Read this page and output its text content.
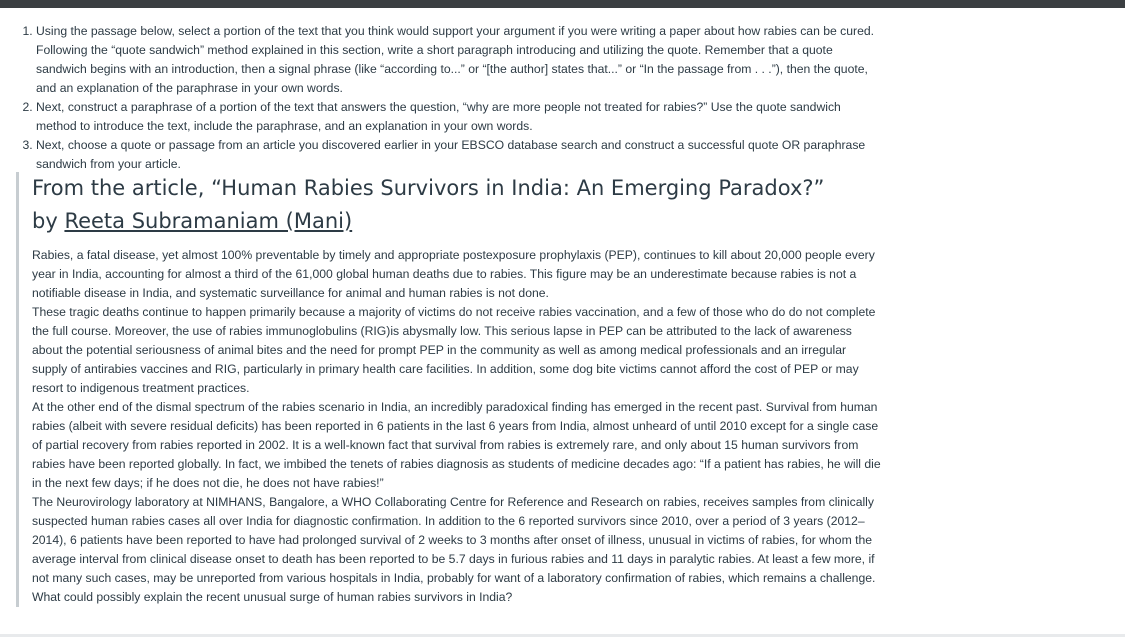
1. Using the passage below, select a portion of the text that you think would support your argument if you were writing a paper about how rabies can be cured. Following the “quote sandwich” method explained in this section, write a short paragraph introducing and utilizing the quote. Remember that a quote sandwich begins with an introduction, then a signal phrase (like “according to...” or “[the author] states that...” or “In the passage from . . .”), then the quote, and an explanation of the paraphrase in your own words.
2. Next, construct a paraphrase of a portion of the text that answers the question, “why are more people not treated for rabies?” Use the quote sandwich method to introduce the text, include the paraphrase, and an explanation in your own words.
3. Next, choose a quote or passage from an article you discovered earlier in your EBSCO database search and construct a successful quote OR paraphrase sandwich from your article.
From the article, “Human Rabies Survivors in India: An Emerging Paradox?” by Reeta Subramaniam (Mani)

Rabies, a fatal disease, yet almost 100% preventable by timely and appropriate postexposure prophylaxis (PEP), continues to kill about 20,000 people every year in India, accounting for almost a third of the 61,000 global human deaths due to rabies. This figure may be an underestimate because rabies is not a notifiable disease in India, and systematic surveillance for animal and human rabies is not done.

These tragic deaths continue to happen primarily because a majority of victims do not receive rabies vaccination, and a few of those who do do not complete the full course. Moreover, the use of rabies immunoglobulins (RIG)is abysmally low. This serious lapse in PEP can be attributed to the lack of awareness about the potential seriousness of animal bites and the need for prompt PEP in the community as well as among medical professionals and an irregular supply of antirabies vaccines and RIG, particularly in primary health care facilities. In addition, some dog bite victims cannot afford the cost of PEP or may resort to indigenous treatment practices.

At the other end of the dismal spectrum of the rabies scenario in India, an incredibly paradoxical finding has emerged in the recent past. Survival from human rabies (albeit with severe residual deficits) has been reported in 6 patients in the last 6 years from India, almost unheard of until 2010 except for a single case of partial recovery from rabies reported in 2002. It is a well-known fact that survival from rabies is extremely rare, and only about 15 human survivors from rabies have been reported globally. In fact, we imbibed the tenets of rabies diagnosis as students of medicine decades ago: “If a patient has rabies, he will die in the next few days; if he does not die, he does not have rabies!”

The Neurovirology laboratory at NIMHANS, Bangalore, a WHO Collaborating Centre for Reference and Research on rabies, receives samples from clinically suspected human rabies cases all over India for diagnostic confirmation. In addition to the 6 reported survivors since 2010, over a period of 3 years (2012–2014), 6 patients have been reported to have had prolonged survival of 2 weeks to 3 months after onset of illness, unusual in victims of rabies, for whom the average interval from clinical disease onset to death has been reported to be 5.7 days in furious rabies and 11 days in paralytic rabies. At least a few more, if not many such cases, may be unreported from various hospitals in India, probably for want of a laboratory confirmation of rabies, which remains a challenge.

What could possibly explain the recent unusual surge of human rabies survivors in India?
